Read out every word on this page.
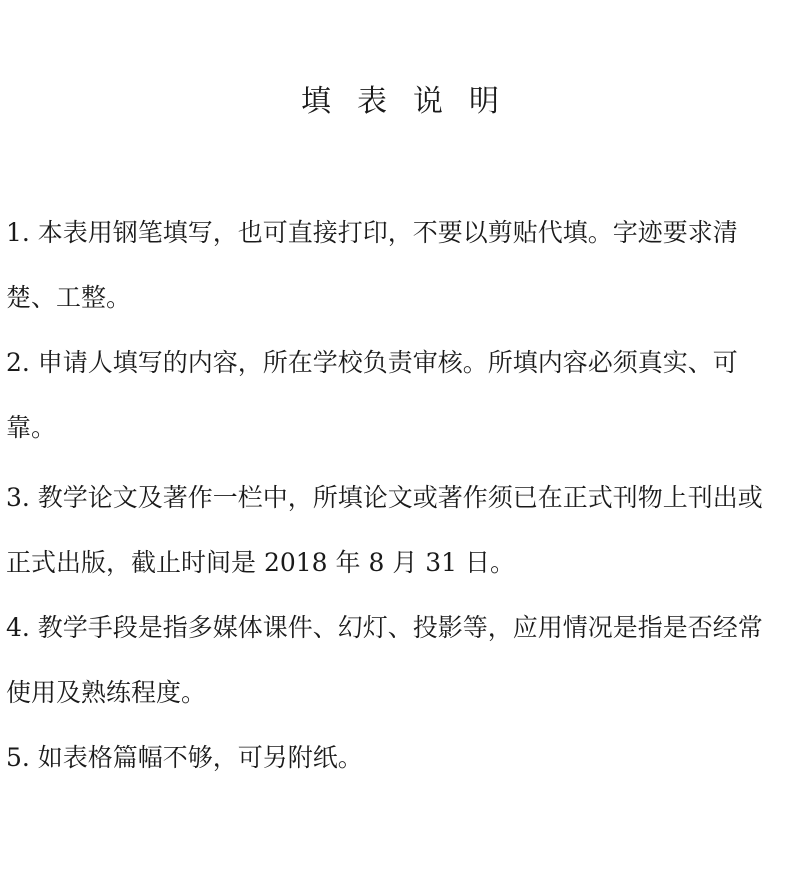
填表说明
1. 本表用钢笔填写，也可直接打印，不要以剪贴代填。字迹要求清楚、工整。
2. 申请人填写的内容，所在学校负责审核。所填内容必须真实、可靠。
3. 教学论文及著作一栏中，所填论文或著作须已在正式刊物上刊出或正式出版，截止时间是 2018 年 8 月 31 日。
4. 教学手段是指多媒体课件、幻灯、投影等，应用情况是指是否经常使用及熟练程度。
5. 如表格篇幅不够，可另附纸。
